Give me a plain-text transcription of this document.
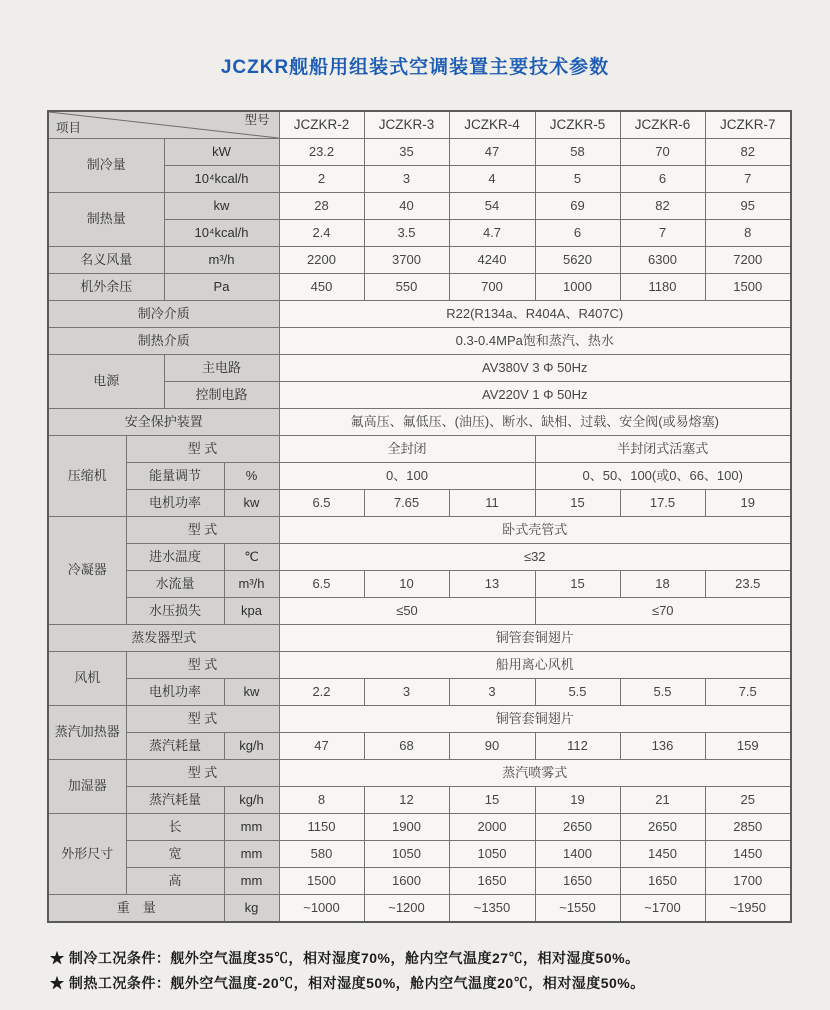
JCZKR舰船用组装式空调装置主要技术参数
项目
型号				JCZKR-2	JCZKR-3	JCZKR-4	JCZKR-5	JCZKR-6	JCZKR-7
制冷量		kW		23.2	35	47	58	70	82
		10⁴kcal/h		2	3	4	5	6	7
制热量		kw		28	40	54	69	82	95
		10⁴kcal/h		2.4	3.5	4.7	6	7	8
名义风量		m³/h		2200	3700	4240	5620	6300	7200
机外余压		Pa		450	550	700	1000	1180	1500
制冷介质				R22(R134a、R404A、R407C)					
制热介质				0.3-0.4MPa饱和蒸汽、热水					
电源		主电路		AV380V 3 Φ 50Hz					
		控制电路		AV220V 1 Φ 50Hz					
安全保护装置				氟高压、氟低压、(油压)、断水、缺相、过载、安全阀(或易熔塞)					
压缩机	型 式			全封闭			半封闭式活塞式		
	能量调节		%	0、100			0、50、100(或0、66、100)		
	电机功率		kw	6.5	7.65	11	15	17.5	19
冷凝器	型 式			卧式壳管式					
	进水温度		℃	≤32					
	水流量		m³/h	6.5	10	13	15	18	23.5
	水压损失		kpa	≤50			≤70		
蒸发器型式				铜管套铜翅片					
风机	型 式			船用离心风机					
	电机功率		kw	2.2	3	3	5.5	5.5	7.5
蒸汽加热器	型 式			铜管套铜翅片					
	蒸汽耗量		kg/h	47	68	90	112	136	159
加湿器	型 式			蒸汽喷雾式					
	蒸汽耗量		kg/h	8	12	15	19	21	25
外形尺寸	长		mm	1150	1900	2000	2650	2650	2850
	宽		mm	580	1050	1050	1400	1450	1450
	高		mm	1500	1600	1650	1650	1650	1700
重　量			kg	~1000	~1200	~1350	~1550	~1700	~1950
★ 制冷工况条件：舰外空气温度35℃，相对湿度70%，舱内空气温度27℃，相对湿度50%。
★ 制热工况条件：舰外空气温度-20℃，相对湿度50%，舱内空气温度20℃，相对湿度50%。
